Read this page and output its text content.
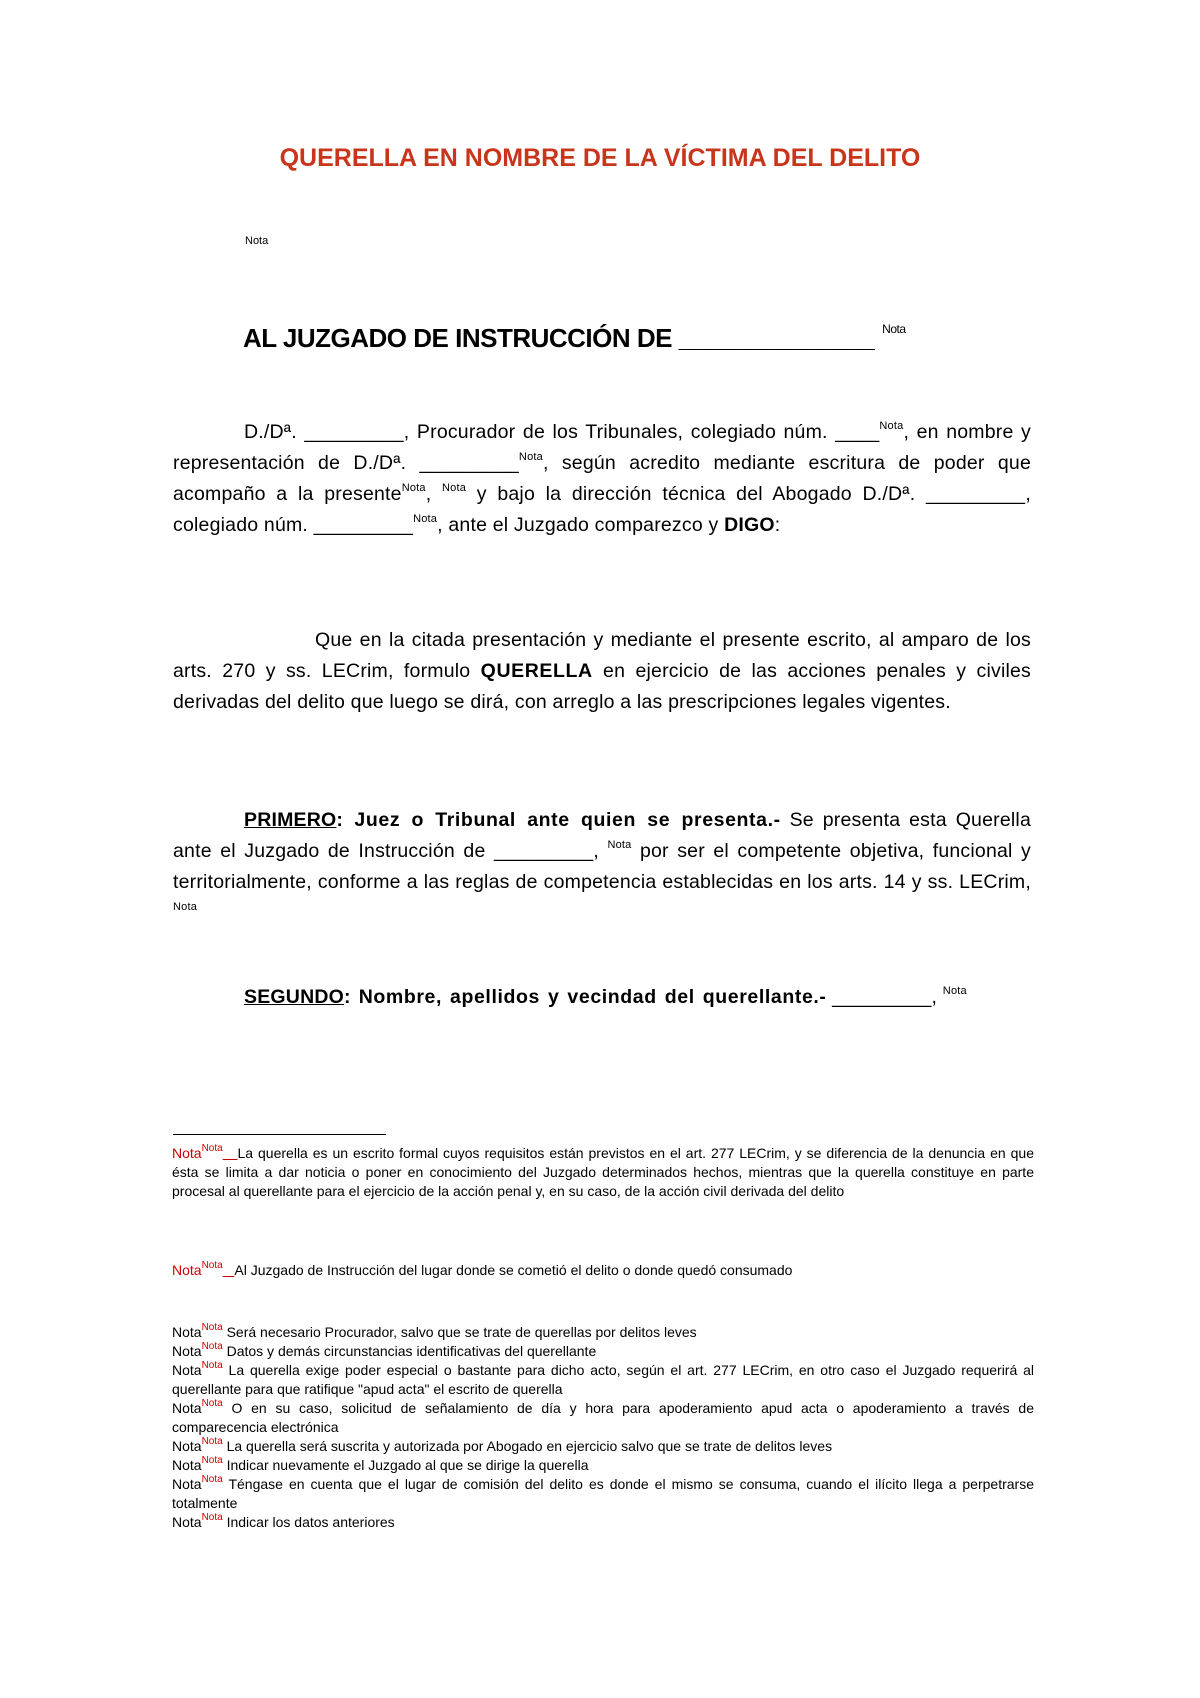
QUERELLA EN NOMBRE DE LA VÍCTIMA DEL DELITO
Nota
AL JUZGADO DE INSTRUCCIÓN DE ______________ $^{Nota}$
D./Dª. _________, Procurador de los Tribunales, colegiado núm. ____$^{Nota}$, en nombre y representación de D./Dª. _________$^{Nota}$, según acredito mediante escritura de poder que acompaño a la presente$^{Nota}$, $^{Nota}$ y bajo la dirección técnica del Abogado D./Dª. _________, colegiado núm. _________$^{Nota}$, ante el Juzgado comparezco y DIGO:
Que en la citada presentación y mediante el presente escrito, al amparo de los arts. 270 y ss. LECrim, formulo QUERELLA en ejercicio de las acciones penales y civiles derivadas del delito que luego se dirá, con arreglo a las prescripciones legales vigentes.
PRIMERO: Juez o Tribunal ante quien se presenta.- Se presenta esta Querella ante el Juzgado de Instrucción de _________, $^{Nota}$ por ser el competente objetiva, funcional y territorialmente, conforme a las reglas de competencia establecidas en los arts. 14 y ss. LECrim, $^{Nota}$
SEGUNDO: Nombre, apellidos y vecindad del querellante.- _________, $^{Nota}$
Nota$^{Nota}$ La querella es un escrito formal cuyos requisitos están previstos en el art. 277 LECrim, y se diferencia de la denuncia en que ésta se limita a dar noticia o poner en conocimiento del Juzgado determinados hechos, mientras que la querella constituye en parte procesal al querellante para el ejercicio de la acción penal y, en su caso, de la acción civil derivada del delito
Nota$^{Nota}$ Al Juzgado de Instrucción del lugar donde se cometió el delito o donde quedó consumado
Nota$^{Nota}$ Será necesario Procurador, salvo que se trate de querellas por delitos leves
Nota$^{Nota}$ Datos y demás circunstancias identificativas del querellante
Nota$^{Nota}$ La querella exige poder especial o bastante para dicho acto, según el art. 277 LECrim, en otro caso el Juzgado requerirá al querellante para que ratifique "apud acta" el escrito de querella
Nota$^{Nota}$ O en su caso, solicitud de señalamiento de día y hora para apoderamiento apud acta o apoderamiento a través de comparecencia electrónica
Nota$^{Nota}$ La querella será suscrita y autorizada por Abogado en ejercicio salvo que se trate de delitos leves
Nota$^{Nota}$ Indicar nuevamente el Juzgado al que se dirige la querella
Nota$^{Nota}$ Téngase en cuenta que el lugar de comisión del delito es donde el mismo se consuma, cuando el ilícito llega a perpetrarse totalmente
Nota$^{Nota}$ Indicar los datos anteriores
